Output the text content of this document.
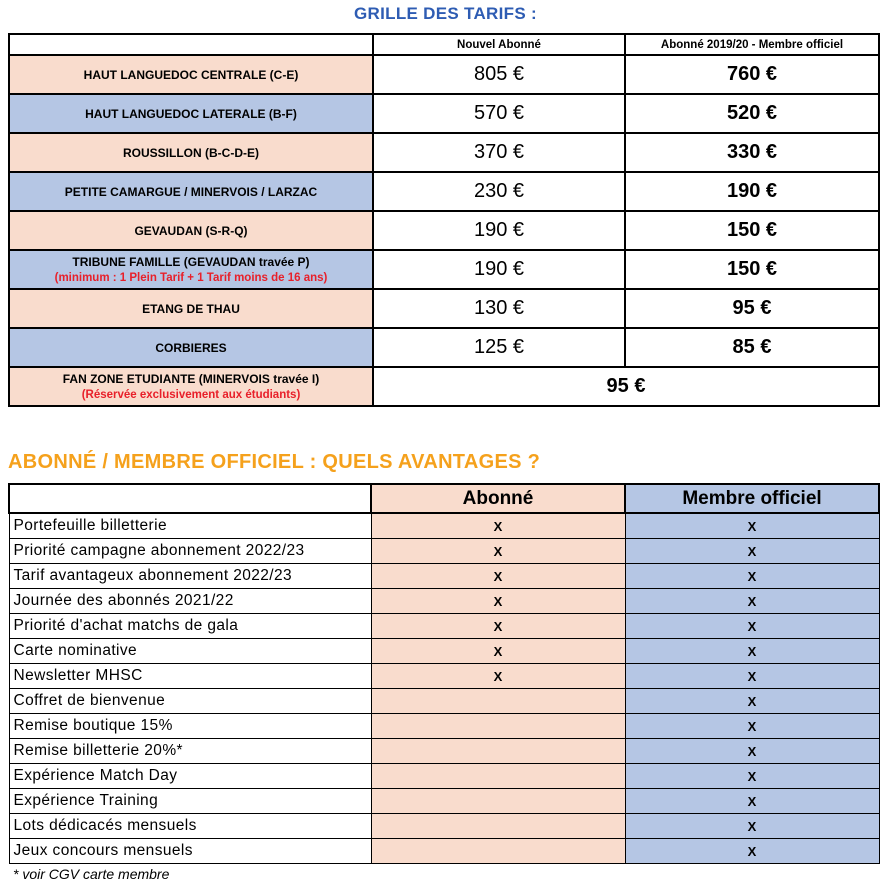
GRILLE DES TARIFS :
	Nouvel Abonné	Abonné 2019/20 - Membre officiel
HAUT LANGUEDOC CENTRALE (C-E)	805 €	760 €
HAUT LANGUEDOC LATERALE (B-F)	570 €	520 €
ROUSSILLON (B-C-D-E)	370 €	330 €
PETITE CAMARGUE / MINERVOIS / LARZAC	230 €	190 €
GEVAUDAN (S-R-Q)	190 €	150 €

TRIBUNE FAMILLE (GEVAUDAN travée P)
(minimum : 1 Plein Tarif + 1 Tarif moins de 16 ans)	190 €	150 €
ETANG DE THAU	130 €	95 €
CORBIERES	125 €	85 €

FAN ZONE ETUDIANTE (MINERVOIS travée I)
(Réservée exclusivement aux étudiants)	95 €	
ABONNÉ / MEMBRE OFFICIEL : QUELS AVANTAGES ?
	Abonné	Membre officiel
Portefeuille billetterie	X	X
Priorité campagne abonnement 2022/23	X	X
Tarif avantageux abonnement 2022/23	X	X
Journée des abonnés 2021/22	X	X
Priorité d'achat matchs de gala	X	X
Carte nominative	X	X
Newsletter MHSC	X	X
Coffret de bienvenue		X
Remise boutique 15%		X
Remise billetterie 20%*		X
Expérience Match Day		X
Expérience Training		X
Lots dédicacés mensuels		X
Jeux concours mensuels		X
* voir CGV carte membre
